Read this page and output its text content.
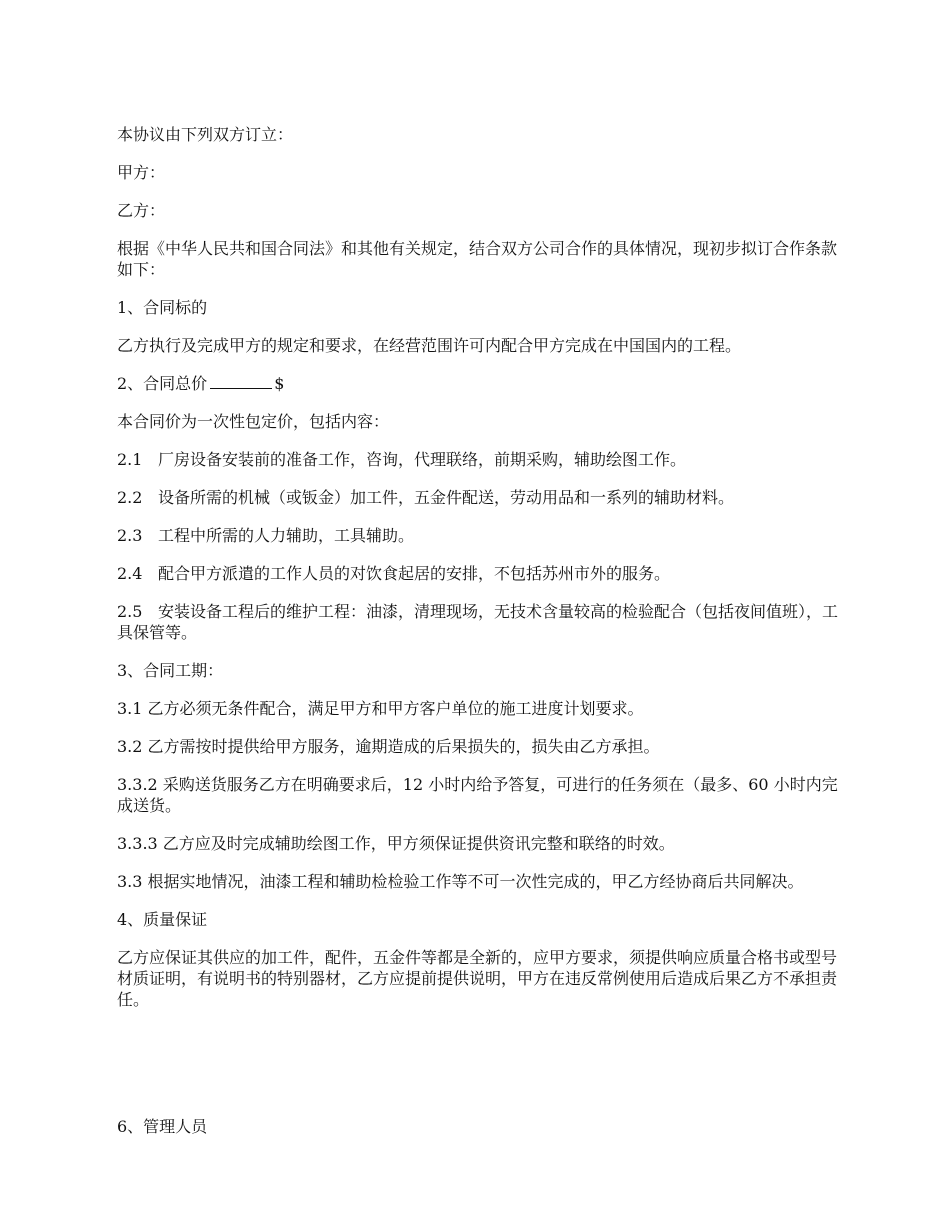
本协议由下列双方订立：

甲方：

乙方：

根据《中华人民共和国合同法》和其他有关规定，结合双方公司合作的具体情况，现初步拟订合作条款如下：

1、合同标的

乙方执行及完成甲方的规定和要求，在经营范围许可内配合甲方完成在中国国内的工程。

2、合同总价	$

本合同价为一次性包定价，包括内容：

2.1 厂房设备安装前的准备工作，咨询，代理联络，前期采购，辅助绘图工作。

2.2 设备所需的机械（或钣金）加工件，五金件配送，劳动用品和一系列的辅助材料。

2.3 工程中所需的人力辅助，工具辅助。

2.4 配合甲方派遣的工作人员的对饮食起居的安排，不包括苏州市外的服务。

2.5 安装设备工程后的维护工程：油漆，清理现场，无技术含量较高的检验配合（包括夜间值班），工具保管等。

3、合同工期：

3.1 乙方必须无条件配合，满足甲方和甲方客户单位的施工进度计划要求。

3.2 乙方需按时提供给甲方服务，逾期造成的后果损失的，损失由乙方承担。

3.3.2 采购送货服务乙方在明确要求后，12 小时内给予答复，可进行的任务须在（最多、60 小时内完成送货。

3.3.3 乙方应及时完成辅助绘图工作，甲方须保证提供资讯完整和联络的时效。

3.3 根据实地情况，油漆工程和辅助检检验工作等不可一次性完成的，甲乙方经协商后共同解决。

4、质量保证

乙方应保证其供应的加工件，配件，五金件等都是全新的，应甲方要求，须提供响应质量合格书或型号材质证明，有说明书的特别器材，乙方应提前提供说明，甲方在违反常例使用后造成后果乙方不承担责任。

6、管理人员
